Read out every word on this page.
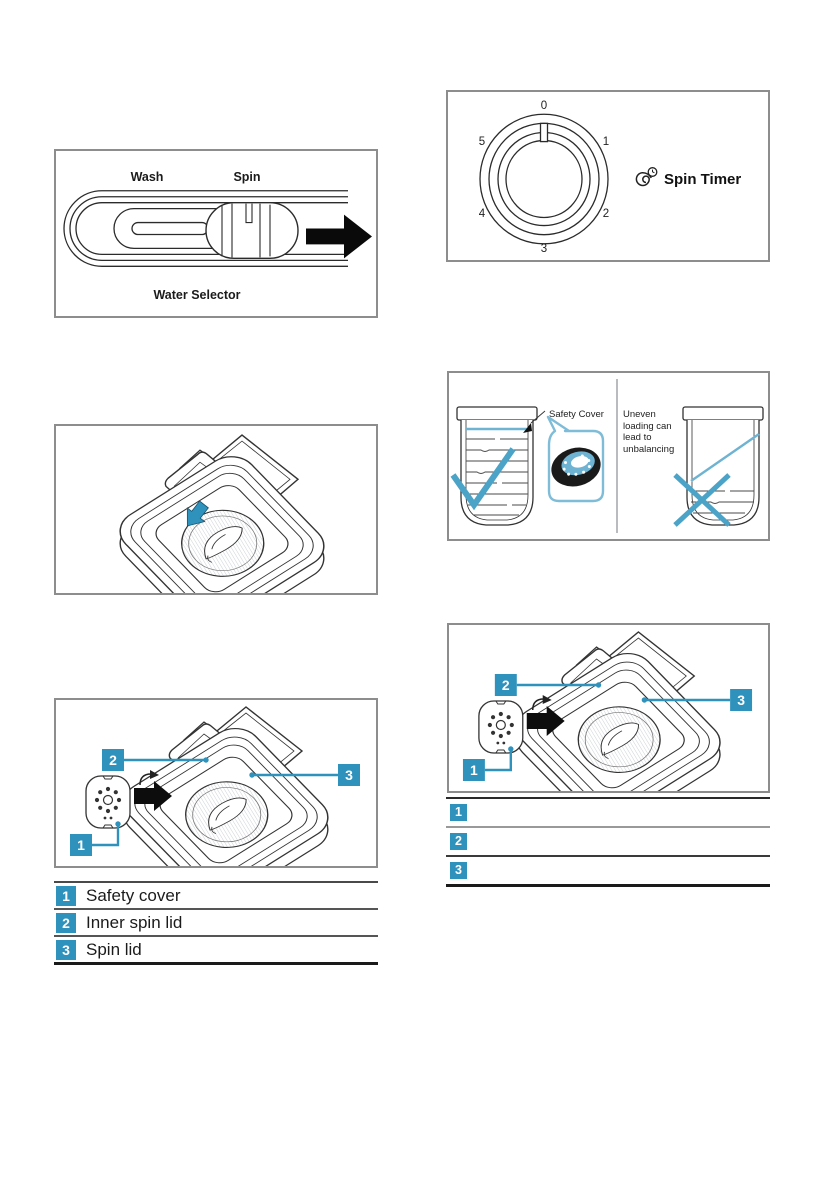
Wash	Spin
Water Selector
0
1
2
3
4
5
Spin Timer
Safety Cover Uneven loading can lead to unbalancing
1 Safety cover
2 Inner spin lid
3 Spin lid
1
2
3
